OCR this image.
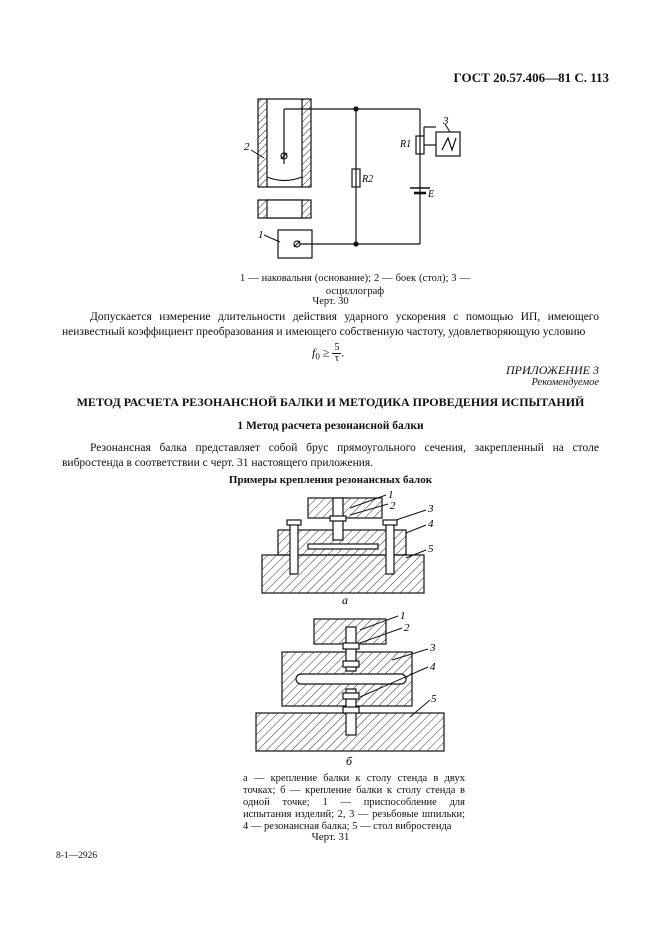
ГОСТ 20.57.406—81 С. 113
2
1
3
R1
R2
E
1 — наковальня (основание); 2 — боек (стол); 3 — осциллограф
Черт. 30
Допускается измерение длительности действия ударного ускорения с помощью ИП, имеющего неизвестный коэффициент преобразования и имеющего собственную частоту, удовлетворяющую условию
$f_0 \ge \frac{5}{\tau}$ .
ПРИЛОЖЕНИЕ 3
Рекомендуемое
МЕТОД РАСЧЕТА РЕЗОНАНСНОЙ БАЛКИ И МЕТОДИКА ПРОВЕДЕНИЯ ИСПЫТАНИЙ
1 Метод расчета резонансной балки
Резонансная балка представляет собой брус прямоугольного сечения, закрепленный на столе вибростенда в соответствии с черт. 31 настоящего приложения.
Примеры крепления резонансных балок
1
2	3
4
5
а
1
2
3
4
5
б
а — крепление балки к столу стенда в двух точках; б — крепление балки к столу стенда в одной точке; 1 — приспособление для испытания изделий; 2, 3 — резьбовые шпильки; 4 — резонансная балка; 5 — стол вибростенда
Черт. 31
8-1—2926
